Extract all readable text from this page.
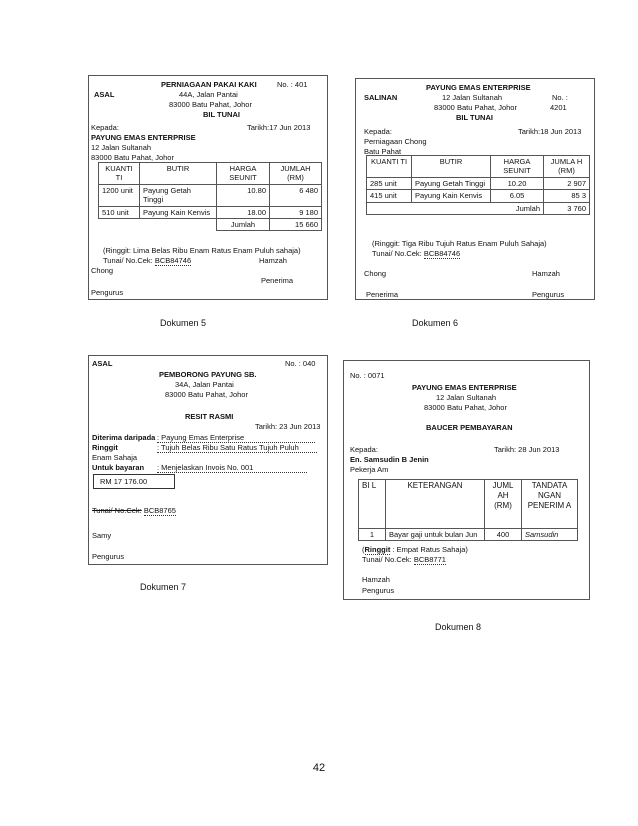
PERNIAGAAN PAKAI KAKI	No. : 401
ASAL	44A, Jalan Pantai
83000 Batu Pahat, Johor
BIL TUNAI
Kepada:	Tarikh:17 Jun 2013
PAYUNG EMAS ENTERPRISE
12 Jalan Sultanah
83000 Batu Pahat, Johor
KUANTI TI	BUTIR	HARGA SEUNIT	JUMLAH (RM)
1200 unit	Payung Getah Tinggi	10.80	6 480
510 unit	Payung Kain Kenvis	18.00	9 180
		Jumlah	15 660
(Ringgit: Lima Belas Ribu Enam Ratus Enam Puluh sahaja)
Tunai/ No.Cek: BCB84746	Hamzah
Chong
Penerima
Pengurus
Dokumen 5
PAYUNG EMAS ENTERPRISE
SALINAN	12 Jalan Sultanah	No. :
83000 Batu Pahat, Johor	4201
BIL TUNAI
Kepada:	Tarikh:18 Jun 2013
Perniagaan Chong
Batu Pahat
KUANTI TI	BUTIR	HARGA SEUNIT	JUMLA H (RM)
285 unit	Payung Getah Tinggi	10.20	2 907
415 unit	Payung Kain Kenvis	6.05	85 3
Jumlah			3 760
(Ringgit: Tiga Ribu Tujuh Ratus Enam Puluh Sahaja)
Tunai/ No.Cek: BCB84746
Chong	Hamzah
Penerima	Pengurus
Dokumen 6
ASAL	No. : 040
PEMBORONG PAYUNG SB.
34A, Jalan Pantai
83000 Batu Pahat, Johor
RESIT RASMI
Tarikh: 23 Jun 2013
Diterima daripada : Payung Emas Enterprise
Ringgit	: Tujuh Belas Ribu Satu Ratus Tujuh Puluh
Enam Sahaja
Untuk bayaran : Menjelaskan Invois No. 001
RM 17 176.00
Tunai/ No.Cek: BCB8765
Samy
Pengurus
Dokumen 7
No. : 0071
PAYUNG EMAS ENTERPRISE
12 Jalan Sultanah
83000 Batu Pahat, Johor
BAUCER PEMBAYARAN
Kepada:	Tarikh: 28 Jun 2013
En. Samsudin B Jenin
Pekerja Am
BI L	KETERANGAN	JUML AH (RM)	TANDATA NGAN PENERIM A
1	Bayar gaji untuk bulan Jun	400	Samsudin
(Ringgit : Empat Ratus Sahaja)
Tunai/ No.Cek: BCB8771
Hamzah
Pengurus
Dokumen 8
42
